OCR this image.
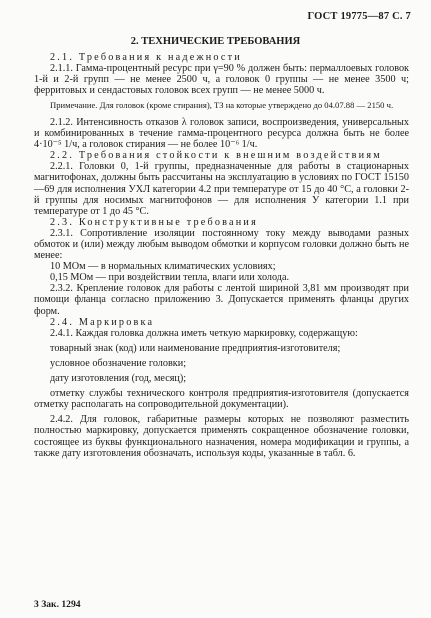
ГОСТ 19775—87 С. 7
2. ТЕХНИЧЕСКИЕ ТРЕБОВАНИЯ

2.1. Требования к надежности

2.1.1. Гамма-процентный ресурс при γ=90 % должен быть: пермаллоевых головок 1-й и 2-й групп — не менее 2500 ч, а головок 0 группы — не менее 3500 ч; ферритовых и сендастовых головок всех групп — не менее 5000 ч.

Примечание. Для головок (кроме стирания), ТЗ на которые утверждено до 04.07.88 — 2150 ч.

2.1.2. Интенсивность отказов λ головок записи, воспроизведения, универсальных и комбинированных в течение гамма-процентного ресурса должна быть не более 4·10⁻⁵ 1/ч, а головок стирания — не более 10⁻⁶ 1/ч.

2.2. Требования стойкости к внешним воздействиям

2.2.1. Головки 0, 1-й группы, предназначенные для работы в стационарных магнитофонах, должны быть рассчитаны на эксплуатацию в условиях по ГОСТ 15150—69 для исполнения УХЛ категории 4.2 при температуре от 15 до 40 °С, а головки 2-й группы для носимых магнитофонов — для исполнения У категории 1.1 при температуре от 1 до 45 °С.

2.3. Конструктивные требования

2.3.1. Сопротивление изоляции постоянному току между выводами разных обмоток и (или) между любым выводом обмотки и корпусом головки должно быть не менее:

10 МОм — в нормальных климатических условиях;

0,15 МОм — при воздействии тепла, влаги или холода.

2.3.2. Крепление головок для работы с лентой шириной 3,81 мм производят при помощи фланца согласно приложению 3. Допускается применять фланцы других форм.

2.4. Маркировка

2.4.1. Каждая головка должна иметь четкую маркировку, содержащую:

товарный знак (код) или наименование предприятия-изготовителя;

условное обозначение головки;

дату изготовления (год, месяц);

отметку службы технического контроля предприятия-изготовителя (допускается отметку располагать на сопроводительной документации).

2.4.2. Для головок, габаритные размеры которых не позволяют разместить полностью маркировку, допускается применять сокращенное обозначение головки, состоящее из буквы функционального назначения, номера модификации и группы, а также дату изготовления обозначать, используя коды, указанные в табл. 6.

3 Зак. 1294
